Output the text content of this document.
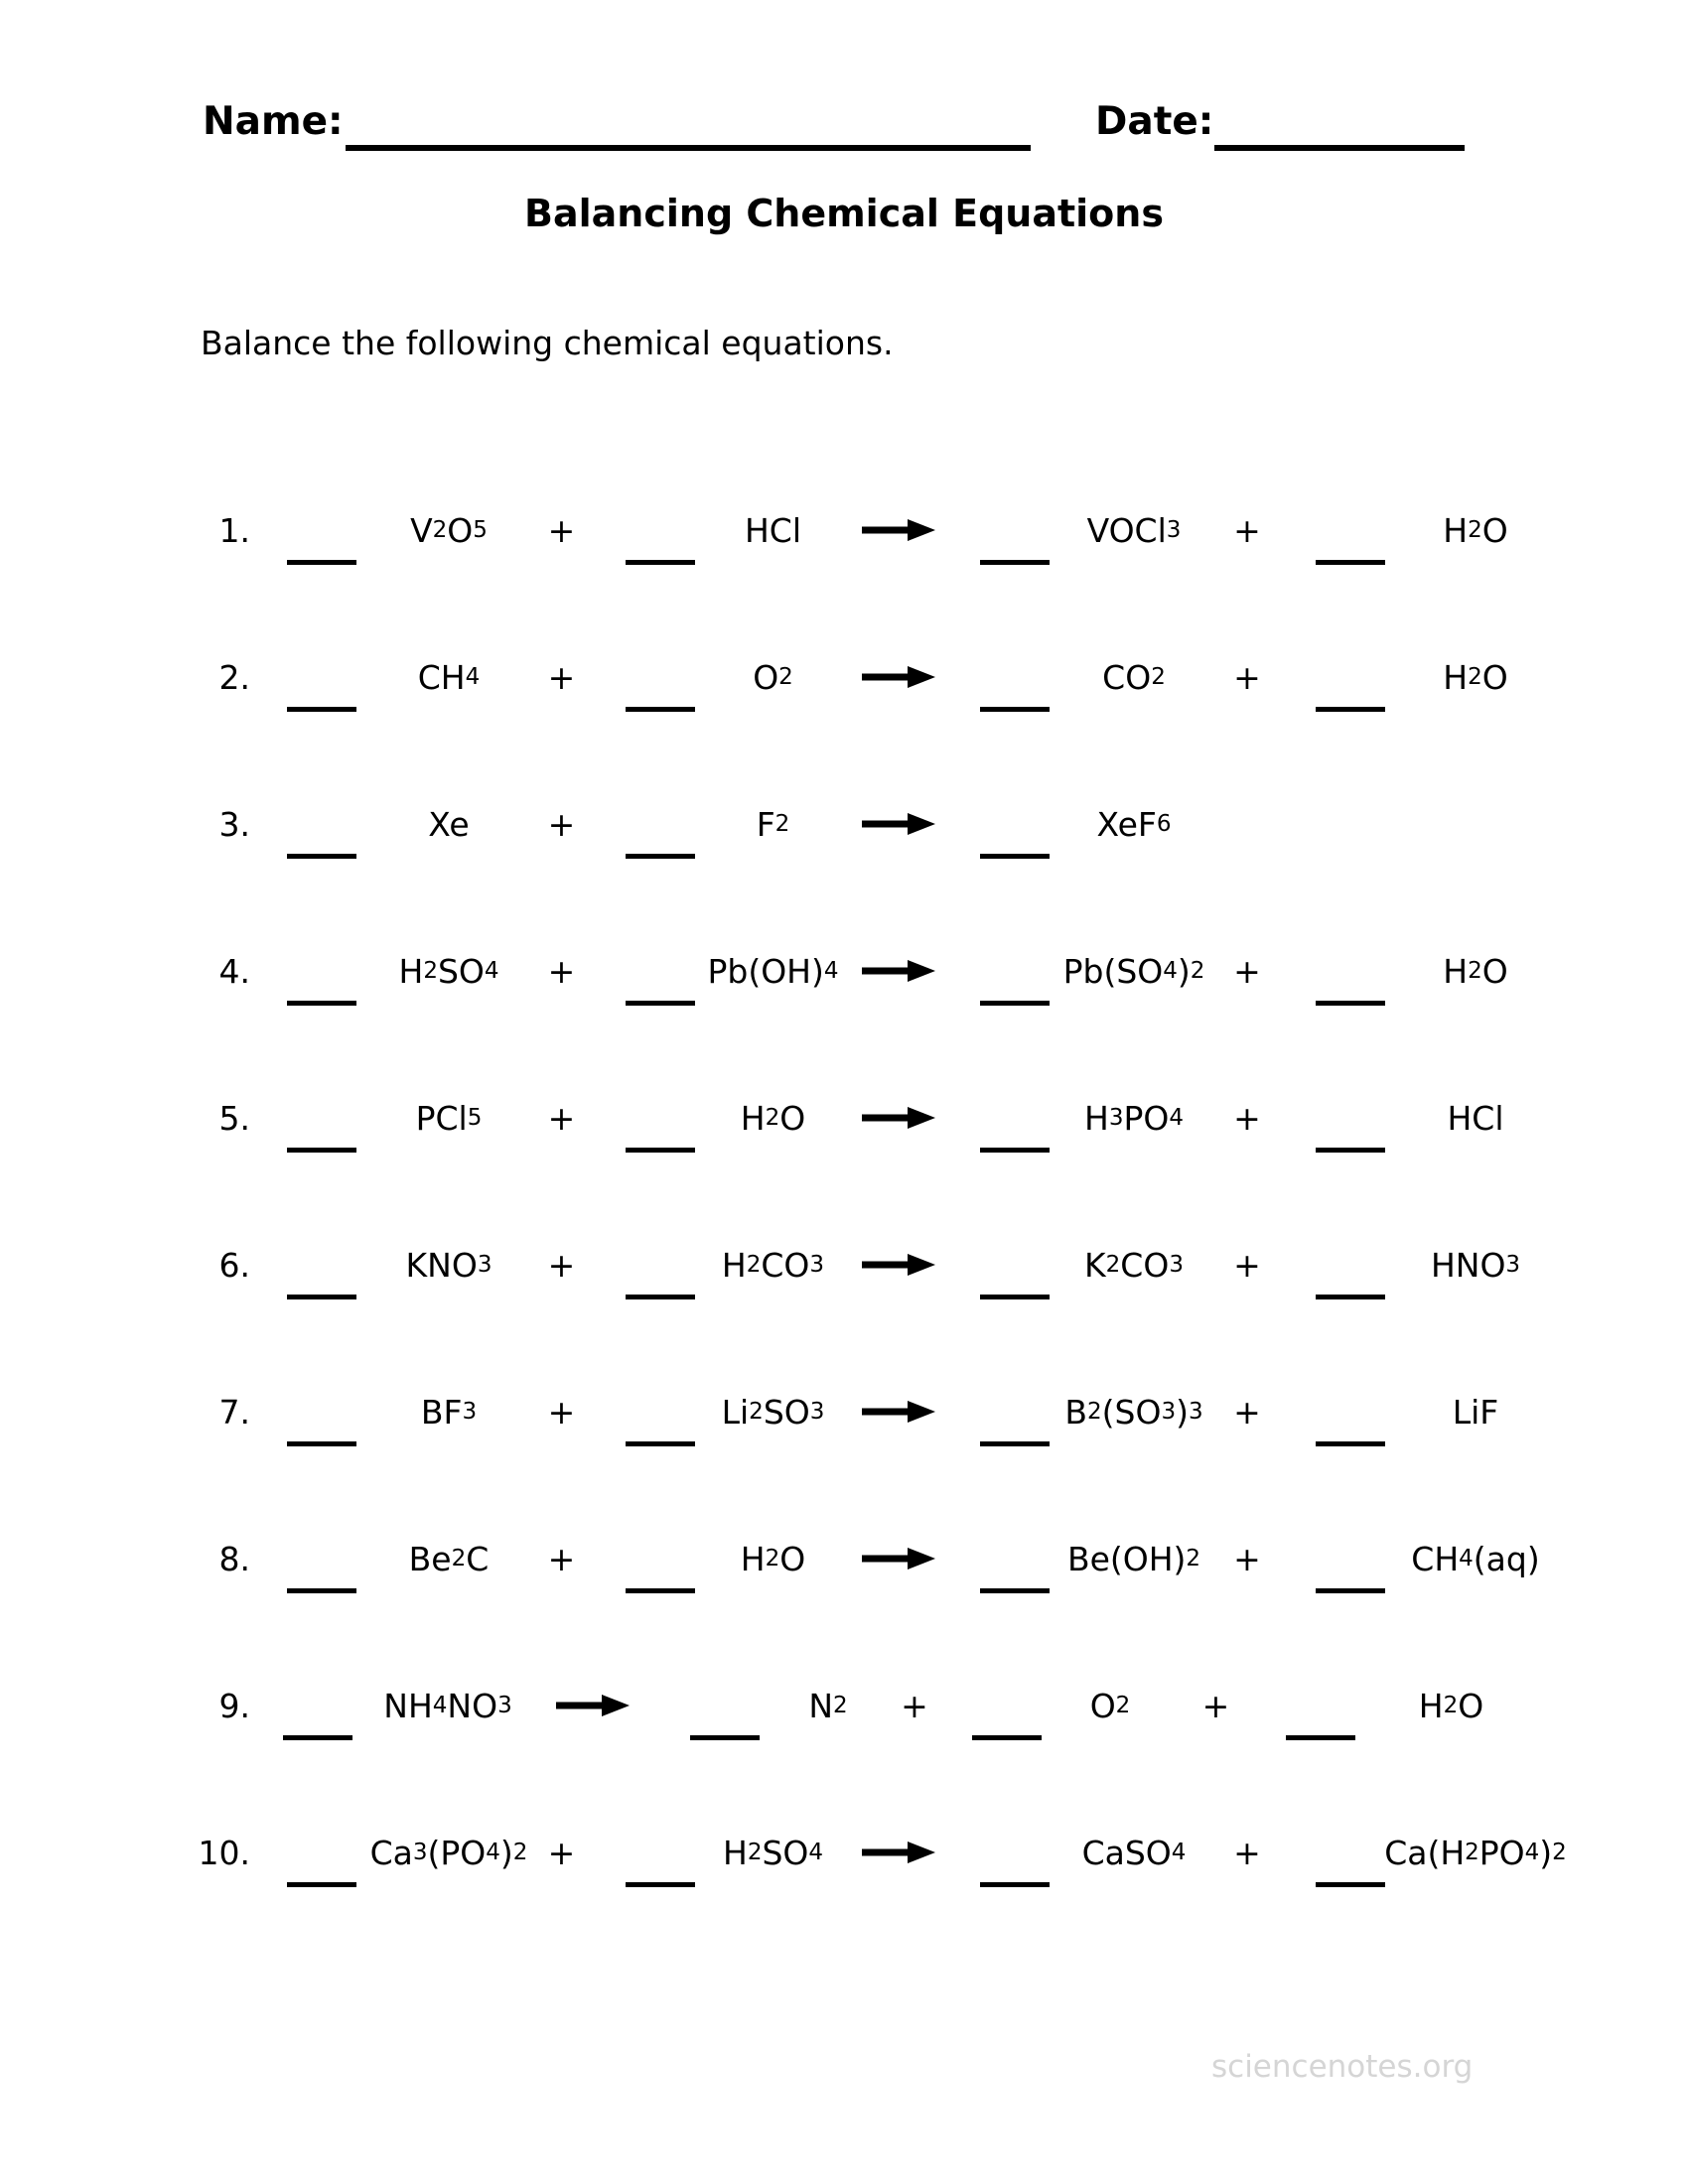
Name:	Date:
Balancing Chemical Equations
Balance the following chemical equations.
1.	V 2 O 5	+	HCl	VOCl 3	+	H 2 O
2.	CH 4	+	O 2	CO 2	+	H 2 O
3.	Xe	+	F 2	XeF 6
4.	H 2 SO 4	+	Pb(OH) 4	Pb(SO 4 ) 2 +	H 2 O
5.	PCl 5	+	H 2 O	H 3 PO 4	+	HCl
6.	KNO 3	+	H 2 CO 3	K 2 CO 3	+	HNO 3
7.	BF 3	+	Li 2 SO 3	B 2 (SO 3 ) 3 +	LiF
8.	Be 2 C	+	H 2 O	Be(OH) 2	+	CH 4 (aq)
9.	NH 4 NO 3	N 2	+	O 2	+	H 2 O
10.	Ca 3 (PO 4 ) 2 +	H 2 SO 4	CaSO 4	+	Ca(H 2 PO 4 ) 2
sciencenotes.org
